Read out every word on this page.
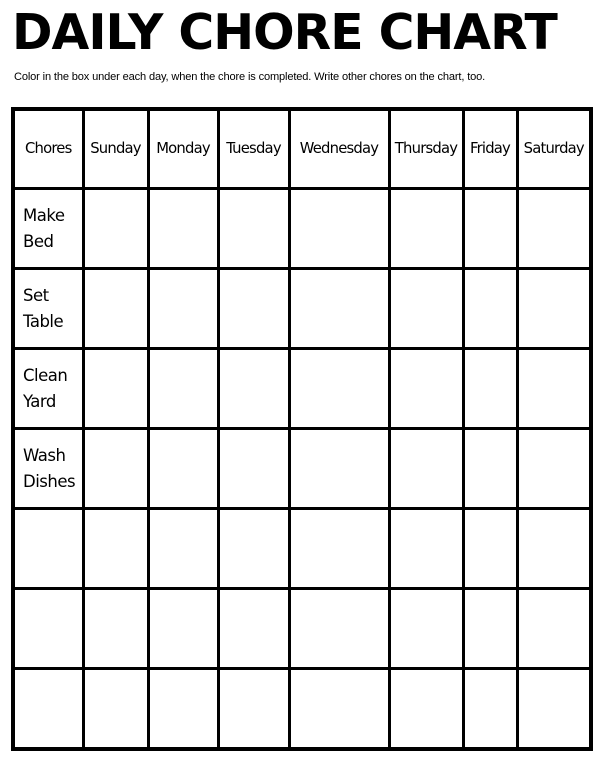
DAILY CHORE CHART

Color in the box under each day, when the chore is completed. Write other chores on the chart, too.

Chores	Sunday	Monday	Tuesday	Wednesday	Thursday	Friday	Saturday

Make
Bed							

Set
Table							

Clean
Yard							

Wash
Dishes							
